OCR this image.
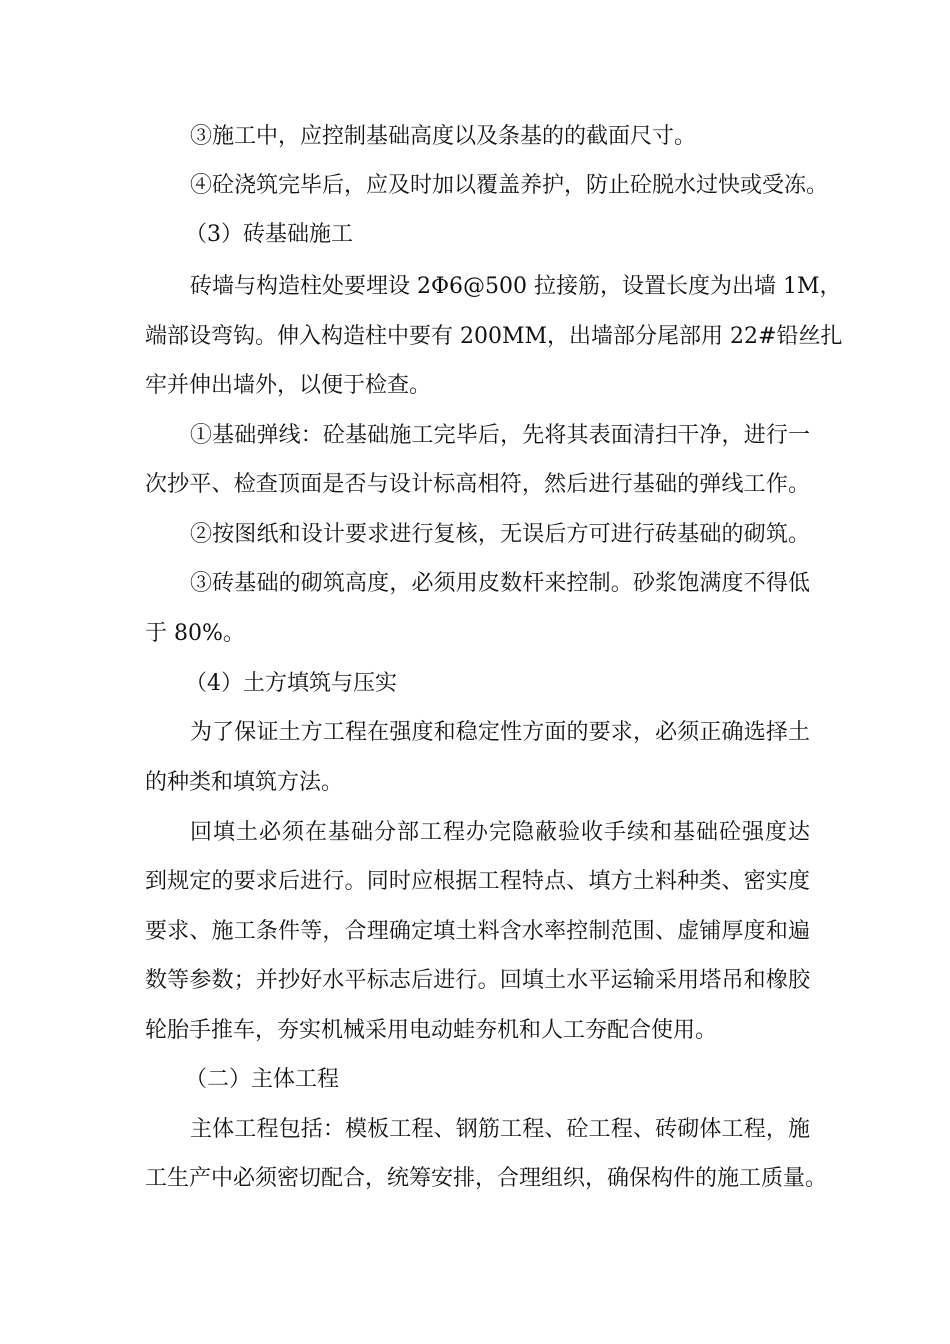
③施工中，应控制基础高度以及条基的的截面尺寸。
④砼浇筑完毕后，应及时加以覆盖养护，防止砼脱水过快或受冻。
（3）砖基础施工
砖墙与构造柱处要埋设 2Φ6@500 拉接筋，设置长度为出墙 1M，
端部设弯钩。伸入构造柱中要有 200MM，出墙部分尾部用 22#铅丝扎
牢并伸出墙外，以便于检查。
①基础弹线：砼基础施工完毕后，先将其表面清扫干净，进行一
次抄平、检查顶面是否与设计标高相符，然后进行基础的弹线工作。
②按图纸和设计要求进行复核，无误后方可进行砖基础的砌筑。
③砖基础的砌筑高度，必须用皮数杆来控制。砂浆饱满度不得低
于 80%。
（4）土方填筑与压实
为了保证土方工程在强度和稳定性方面的要求，必须正确选择土
的种类和填筑方法。
回填土必须在基础分部工程办完隐蔽验收手续和基础砼强度达
到规定的要求后进行。同时应根据工程特点、填方土料种类、密实度
要求、施工条件等，合理确定填土料含水率控制范围、虚铺厚度和遍
数等参数；并抄好水平标志后进行。回填土水平运输采用塔吊和橡胶
轮胎手推车，夯实机械采用电动蛙夯机和人工夯配合使用。
（二）主体工程
主体工程包括：模板工程、钢筋工程、砼工程、砖砌体工程，施
工生产中必须密切配合，统筹安排，合理组织，确保构件的施工质量。
